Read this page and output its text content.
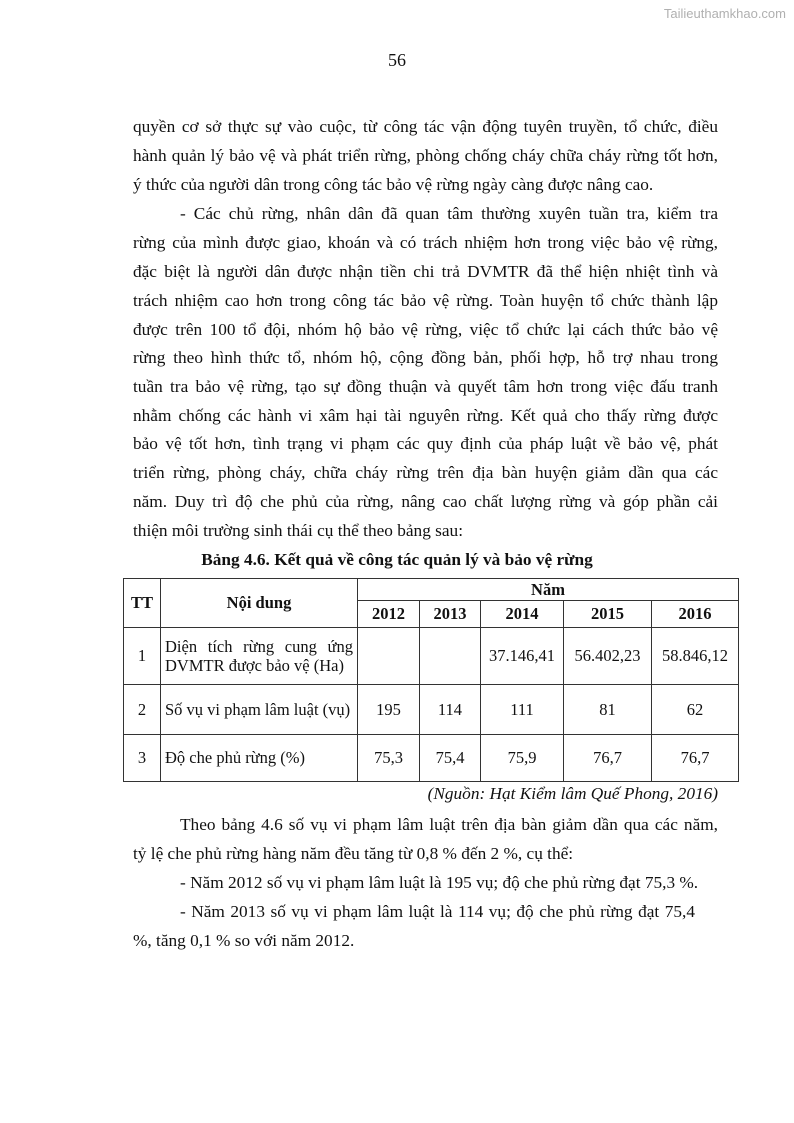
Tailieuthamkhao.com
56
quyền cơ sở thực sự vào cuộc, từ công tác vận động tuyên truyền, tổ chức, điều
hành quản lý bảo vệ và phát triển rừng, phòng chống cháy chữa cháy rừng tốt hơn,
ý thức của người dân trong công tác bảo vệ rừng ngày càng được nâng cao.
- Các chủ rừng, nhân dân đã quan tâm thường xuyên tuần tra, kiểm tra
rừng của mình được giao, khoán và có trách nhiệm hơn trong việc bảo vệ rừng,
đặc biệt là người dân được nhận tiền chi trả DVMTR đã thể hiện nhiệt tình và
trách nhiệm cao hơn trong công tác bảo vệ rừng. Toàn huyện tổ chức thành lập
được trên 100 tổ đội, nhóm hộ bảo vệ rừng, việc tổ chức lại cách thức bảo vệ
rừng theo hình thức tổ, nhóm hộ, cộng đồng bản, phối hợp, hỗ trợ nhau trong
tuần tra bảo vệ rừng, tạo sự đồng thuận và quyết tâm hơn trong việc đấu tranh
nhằm chống các hành vi xâm hại tài nguyên rừng. Kết quả cho thấy rừng được
bảo vệ tốt hơn, tình trạng vi phạm các quy định của pháp luật về bảo vệ, phát
triển rừng, phòng cháy, chữa cháy rừng trên địa bàn huyện giảm dần qua các
năm. Duy trì độ che phủ của rừng, nâng cao chất lượng rừng và góp phần cải
thiện môi trường sinh thái cụ thể theo bảng sau:
Bảng 4.6. Kết quả về công tác quản lý và bảo vệ rừng
TT	Nội dung	Năm				
		2012	2013	2014	2015	2016
1	Diện tích rừng cung ứng DVMTR được bảo vệ (Ha)			37.146,41	56.402,23	58.846,12
2	Số vụ vi phạm lâm luật (vụ)	195	114	111	81	62
3	Độ che phủ rừng (%)	75,3	75,4	75,9	76,7	76,7
(Nguồn: Hạt Kiểm lâm Quế Phong, 2016)
Theo bảng 4.6 số vụ vi phạm lâm luật trên địa bàn giảm dần qua các năm,
tỷ lệ che phủ rừng hàng năm đều tăng từ 0,8 % đến 2 %, cụ thể:
- Năm 2012 số vụ vi phạm lâm luật là 195 vụ; độ che phủ rừng đạt 75,3 %.
- Năm 2013 số vụ vi phạm lâm luật là 114 vụ; độ che phủ rừng đạt 75,4
%, tăng 0,1 % so với năm 2012.
